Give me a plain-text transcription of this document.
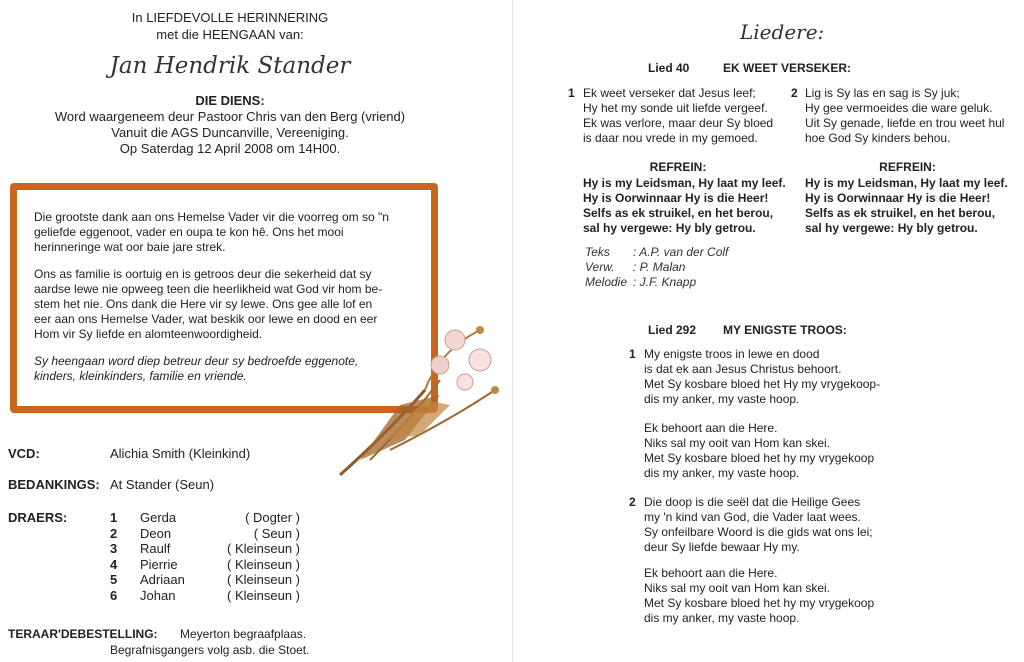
In LIEFDEVOLLE HERINNERING
met die HEENGAAN van:
Jan Hendrik Stander
DIE DIENS:
Word waargeneem deur Pastoor Chris van den Berg (vriend)
Vanuit die AGS Duncanville, Vereeniging.
Op Saterdag 12 April 2008 om 14H00.

Die grootste dank aan ons Hemelse Vader vir die voorreg om so "n
geliefde eggenoot, vader en oupa te kon hê. Ons het mooi
herinneringe wat oor baie jare strek.

Ons as familie is oortuig en is getroos deur die sekerheid dat sy
aardse lewe nie opweeg teen die heerlikheid wat God vir hom be-
stem het nie. Ons dank die Here vir sy lewe. Ons gee alle lof en
eer aan ons Hemelse Vader, wat beskik oor lewe en dood en eer
Hom vir Sy liefde en alomteenwoordigheid.

Sy heengaan word diep betreur deur sy bedroefde eggenote,
kinders, kleinkinders, familie en vriende.

VCD:	Alichia Smith (Kleinkind)
BEDANKINGS: At Stander (Seun)
DRAERS:	1	Gerda	( Dogter )
2	Deon	( Seun )
3	Raulf	( Kleinseun )
4	Pierrie	( Kleinseun )
5	Adriaan	( Kleinseun )
6	Johan	( Kleinseun )
TERAAR'DEBESTELLING: Meyerton begraafplaas.
Begrafnisgangers volg asb. die Stoet.
Liedere:
Lied 40	EK WEET VERSEKER:
1 Ek weet verseker dat Jesus leef;
Hy het my sonde uit liefde vergeef.
Ek was verlore, maar deur Sy bloed
is daar nou vrede in my gemoed.
2 Lig is Sy las en sag is Sy juk;
Hy gee vermoeides die ware geluk.
Uit Sy genade, liefde en trou weet hul
hoe God Sy kinders behou.
REFREIN:
Hy is my Leidsman, Hy laat my leef.
Hy is Oorwinnaar Hy is die Heer!
Selfs as ek struikel, en het berou,
sal hy vergewe: Hy bly getrou.
REFREIN:
Hy is my Leidsman, Hy laat my leef.
Hy is Oorwinnaar Hy is die Heer!
Selfs as ek struikel, en het berou,
sal hy vergewe: Hy bly getrou.
Teks	: A.P. van der Colf
Verw.	: P. Malan
Melodie : J.F. Knapp
Lied 292 MY ENIGSTE TROOS:
1 My enigste troos in lewe en dood
is dat ek aan Jesus Christus behoort.
Met Sy kosbare bloed het Hy my vrygekoop-
dis my anker, my vaste hoop.
Ek behoort aan die Here.
Niks sal my ooit van Hom kan skei.
Met Sy kosbare bloed het hy my vrygekoop
dis my anker, my vaste hoop.
2 Die doop is die seël dat die Heilige Gees
my 'n kind van God, die Vader laat wees.
Sy onfeilbare Woord is die gids wat ons lei;
deur Sy liefde bewaar Hy my.
Ek behoort aan die Here.
Niks sal my ooit van Hom kan skei.
Met Sy kosbare bloed het hy my vrygekoop
dis my anker, my vaste hoop.
